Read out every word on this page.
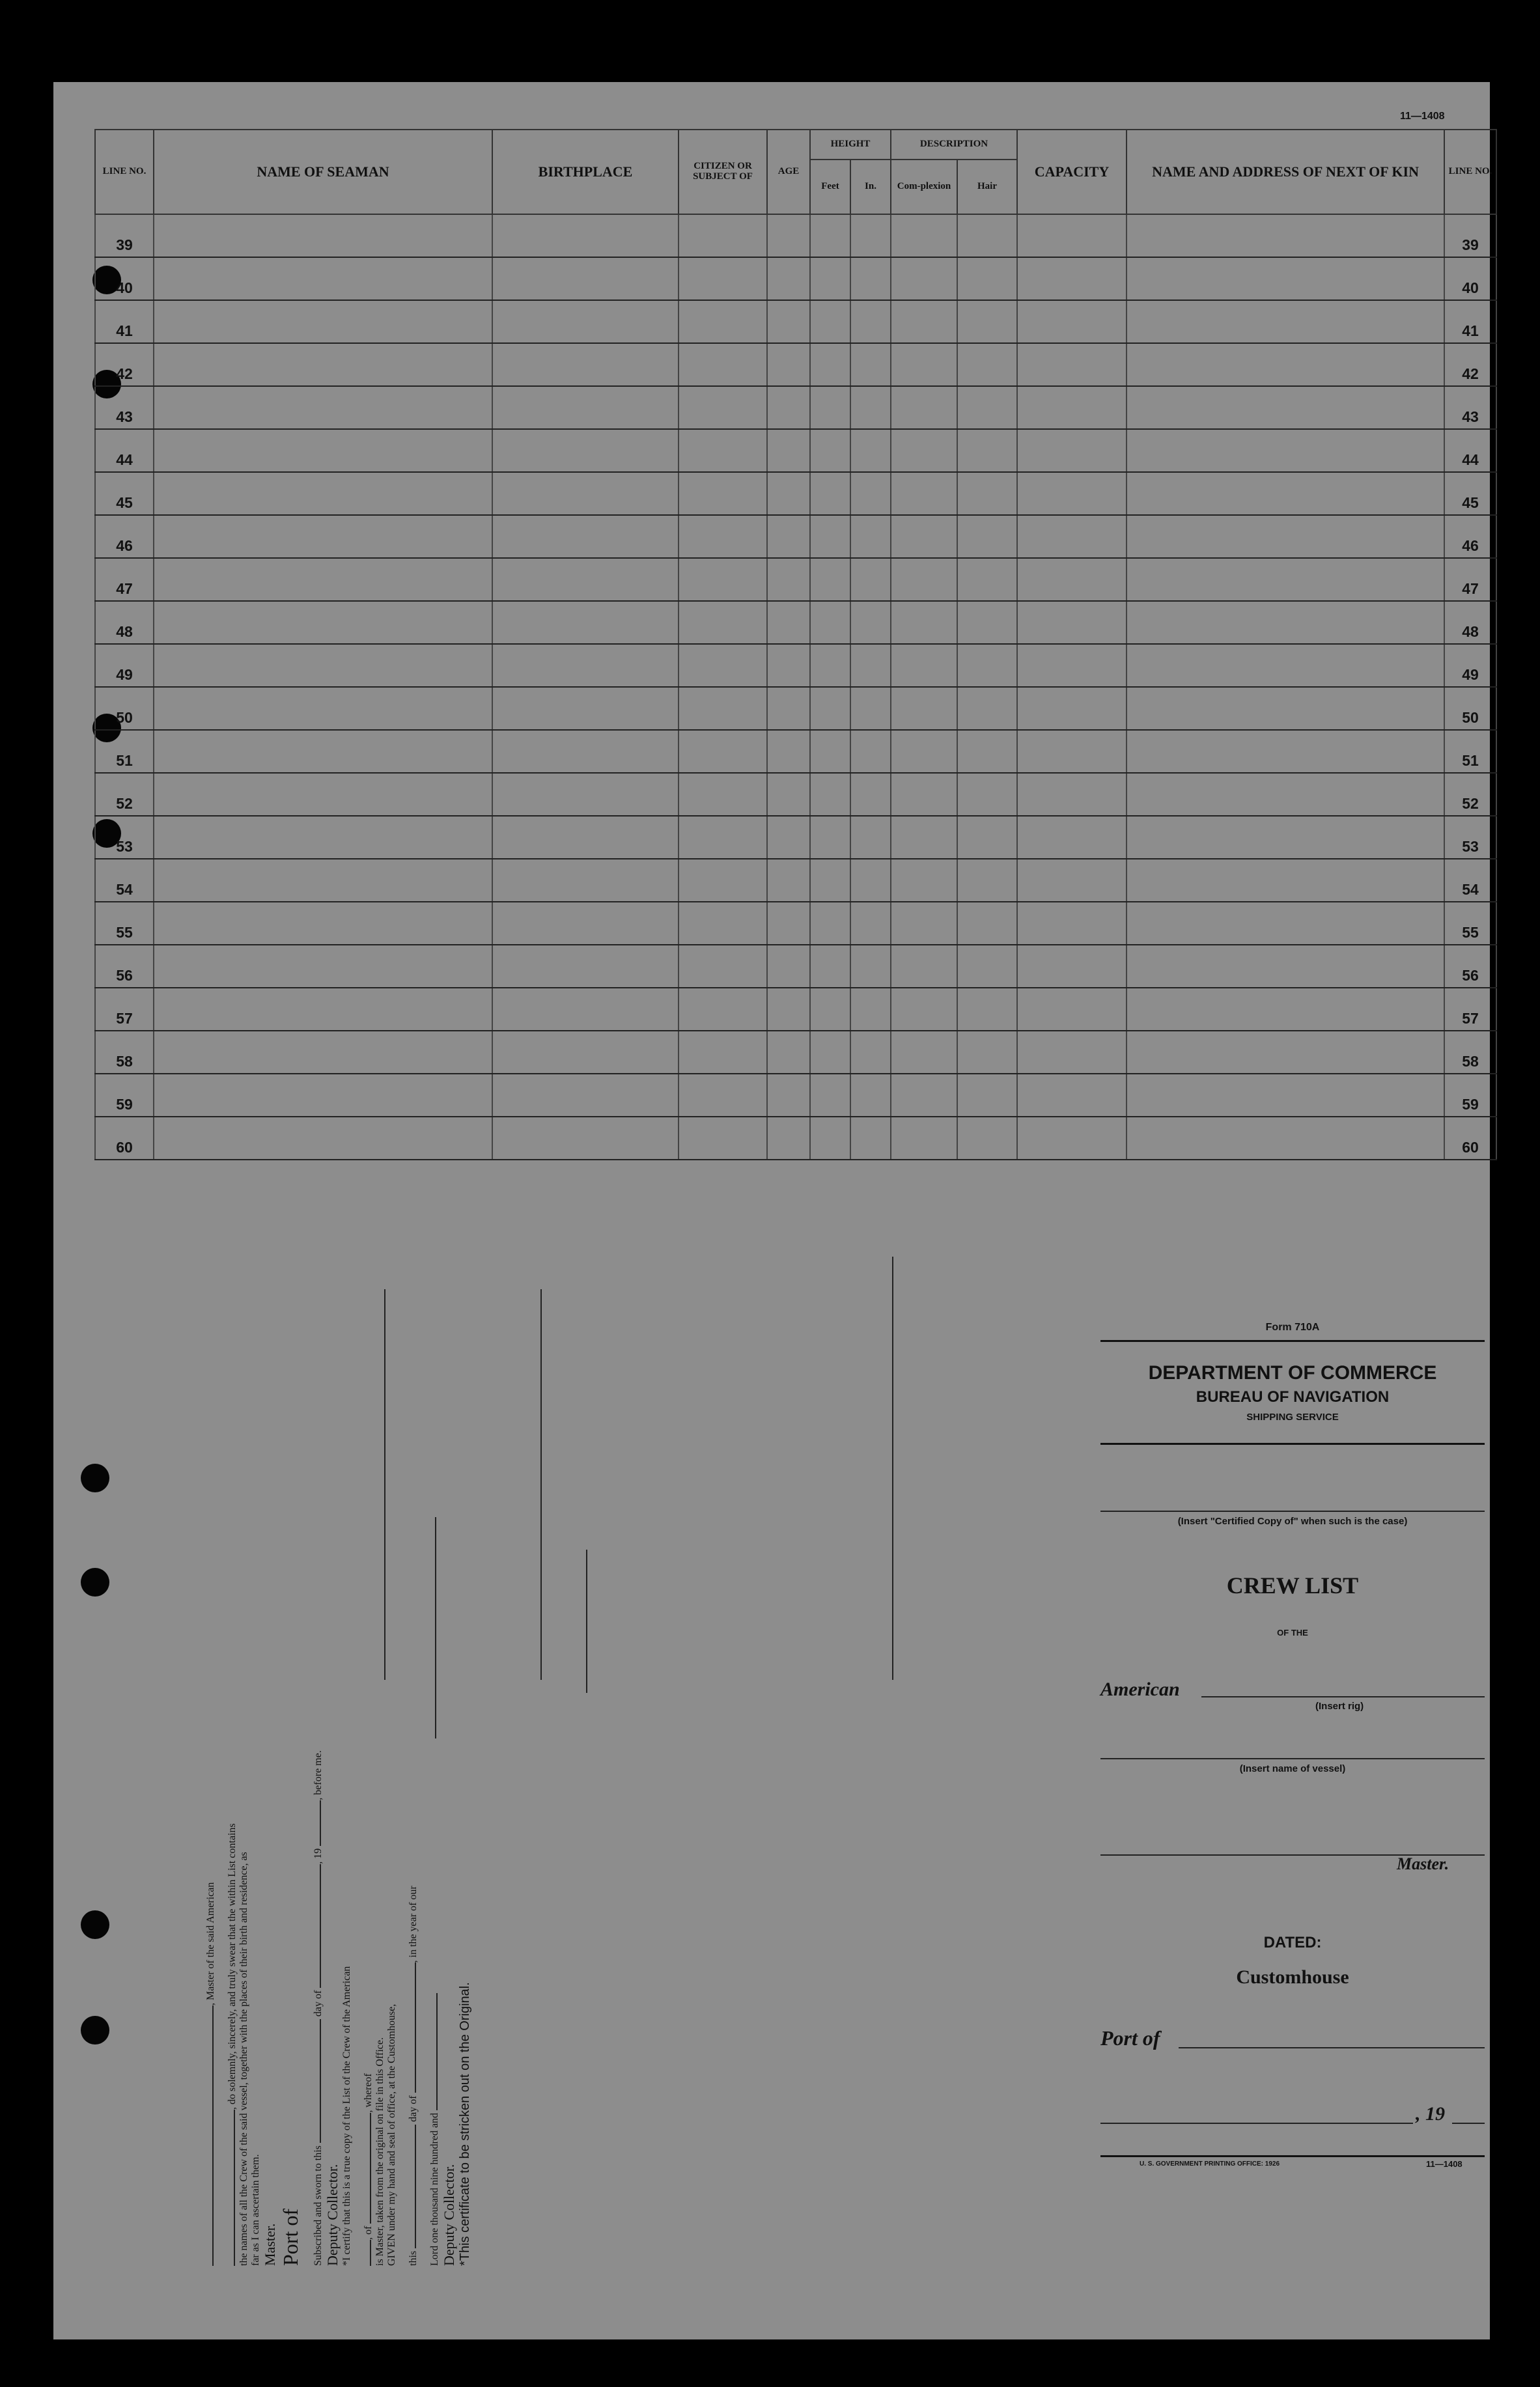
11—1408
LINE NO.	NAME OF SEAMAN	BIRTHPLACE	CITIZEN OR SUBJECT OF	AGE	HEIGHT		DESCRIPTION		CAPACITY	NAME AND ADDRESS OF NEXT OF KIN	LINE NO.
					Feet	In.	Com-plexion	Hair			
39											39
40											40
41											41
42											42
43											43
44											44
45											45
46											46
47											47
48											48
49											49
50											50
51											51
52											52
53											53
54											54
55											55
56											56
57											57
58											58
59											59
60											60
, Master of the said American	, do solemnly, sincerely, and truly swear that the within List contains the names of all the Crew of the said vessel, together with the places of their birth and residence, as far as I can ascertain them. Master. Port of	Subscribed and sworn to this  day of , 19 , before me.
Deputy Collector. *I certify that this is a true copy of the List of the Crew of the American	, of , whereof is Master, taken from the original on file in this Office. GIVEN under my hand and seal of office, at the Customhouse,	this  day of , in the year of our
Lord one thousand nine hundred and Deputy Collector. *This certificate to be stricken out on the Original.
Form 710A
DEPARTMENT OF COMMERCE
BUREAU OF NAVIGATION
SHIPPING SERVICE
(Insert "Certified Copy of" when such is the case)
CREW LIST
OF THE
American
(Insert rig)
(Insert name of vessel)
Master.
DATED:
Customhouse
Port of
, 19
U. S. GOVERNMENT PRINTING OFFICE: 1926	11—1408
